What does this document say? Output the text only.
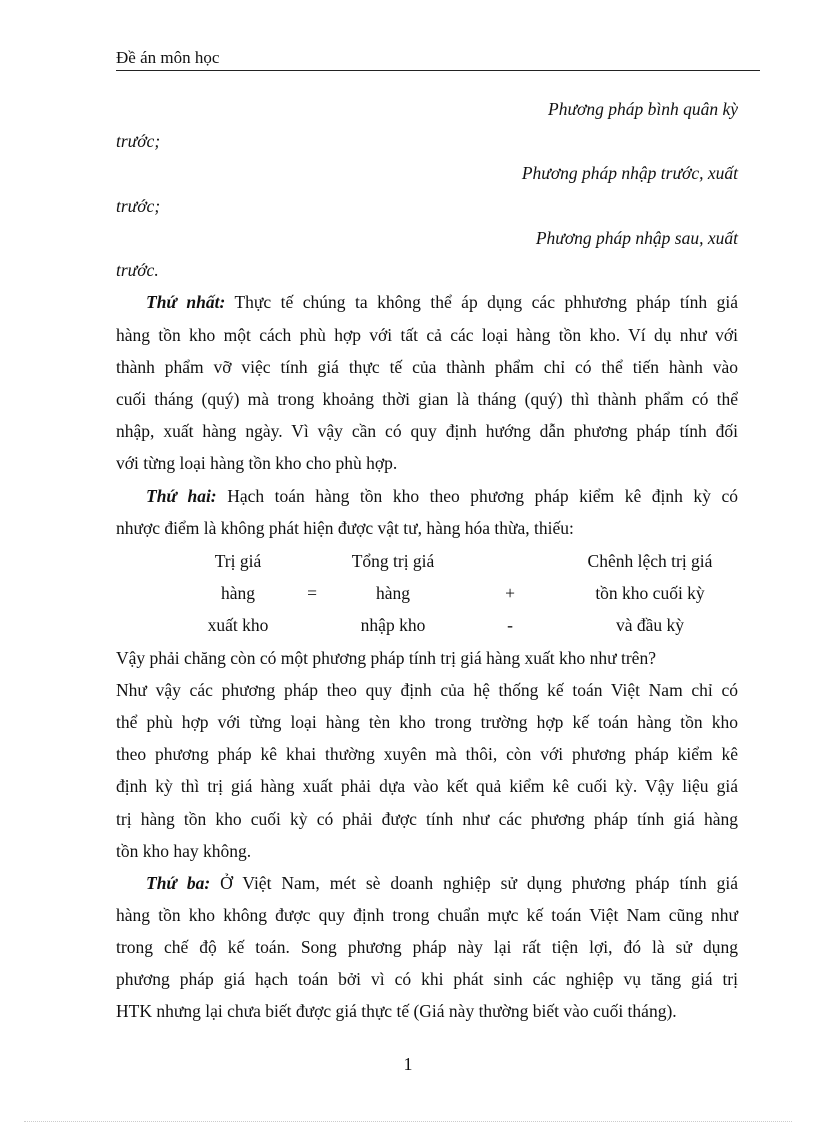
Đề án môn học
Phương pháp bình quân kỳ
trước;
Phương pháp nhập trước, xuất
trước;
Phương pháp nhập sau, xuất
trước.
Thứ nhất: Thực tế chúng ta không thể áp dụng các phhương pháp tính giá
hàng tồn kho một cách phù hợp với tất cả các loại hàng tồn kho. Ví dụ như với
thành phẩm vỡ việc tính giá thực tế của thành phẩm chỉ có thể tiến hành vào
cuối tháng (quý) mà trong khoảng thời gian là tháng (quý) thì thành phẩm có thể
nhập, xuất hàng ngày. Vì vậy cần có quy định hướng dẫn phương pháp tính đối
với từng loại hàng tồn kho cho phù hợp.
Thứ hai: Hạch toán hàng tồn kho theo phương pháp kiểm kê định kỳ có
nhược điểm là không phát hiện được vật tư, hàng hóa thừa, thiếu:
Trị giá
hàng
xuất kho
=
Tổng trị giá
hàng
nhập kho
+
-
Chênh lệch trị giá
tồn kho cuối kỳ
và đầu kỳ
Vậy phải chăng còn có một phương pháp tính trị giá hàng xuất kho như trên?
Như vậy các phương pháp theo quy định của hệ thống kế toán Việt Nam chỉ có
thể phù hợp với từng loại hàng tèn kho trong trường hợp kế toán hàng tồn kho
theo phương pháp kê khai thường xuyên mà thôi, còn với phương pháp kiểm kê
định kỳ thì trị giá hàng xuất phải dựa vào kết quả kiểm kê cuối kỳ. Vậy liệu giá
trị hàng tồn kho cuối kỳ có phải được tính như các phương pháp tính giá hàng
tồn kho hay không.
Thứ ba: Ở Việt Nam, mét sè doanh nghiệp sử dụng phương pháp tính giá
hàng tồn kho không được quy định trong chuẩn mực kế toán Việt Nam cũng như
trong chế độ kế toán. Song phương pháp này lại rất tiện lợi, đó là sử dụng
phương pháp giá hạch toán bởi vì có khi phát sinh các nghiệp vụ tăng giá trị
HTK nhưng lại chưa biết được giá thực tế (Giá này thường biết vào cuối tháng).
1
